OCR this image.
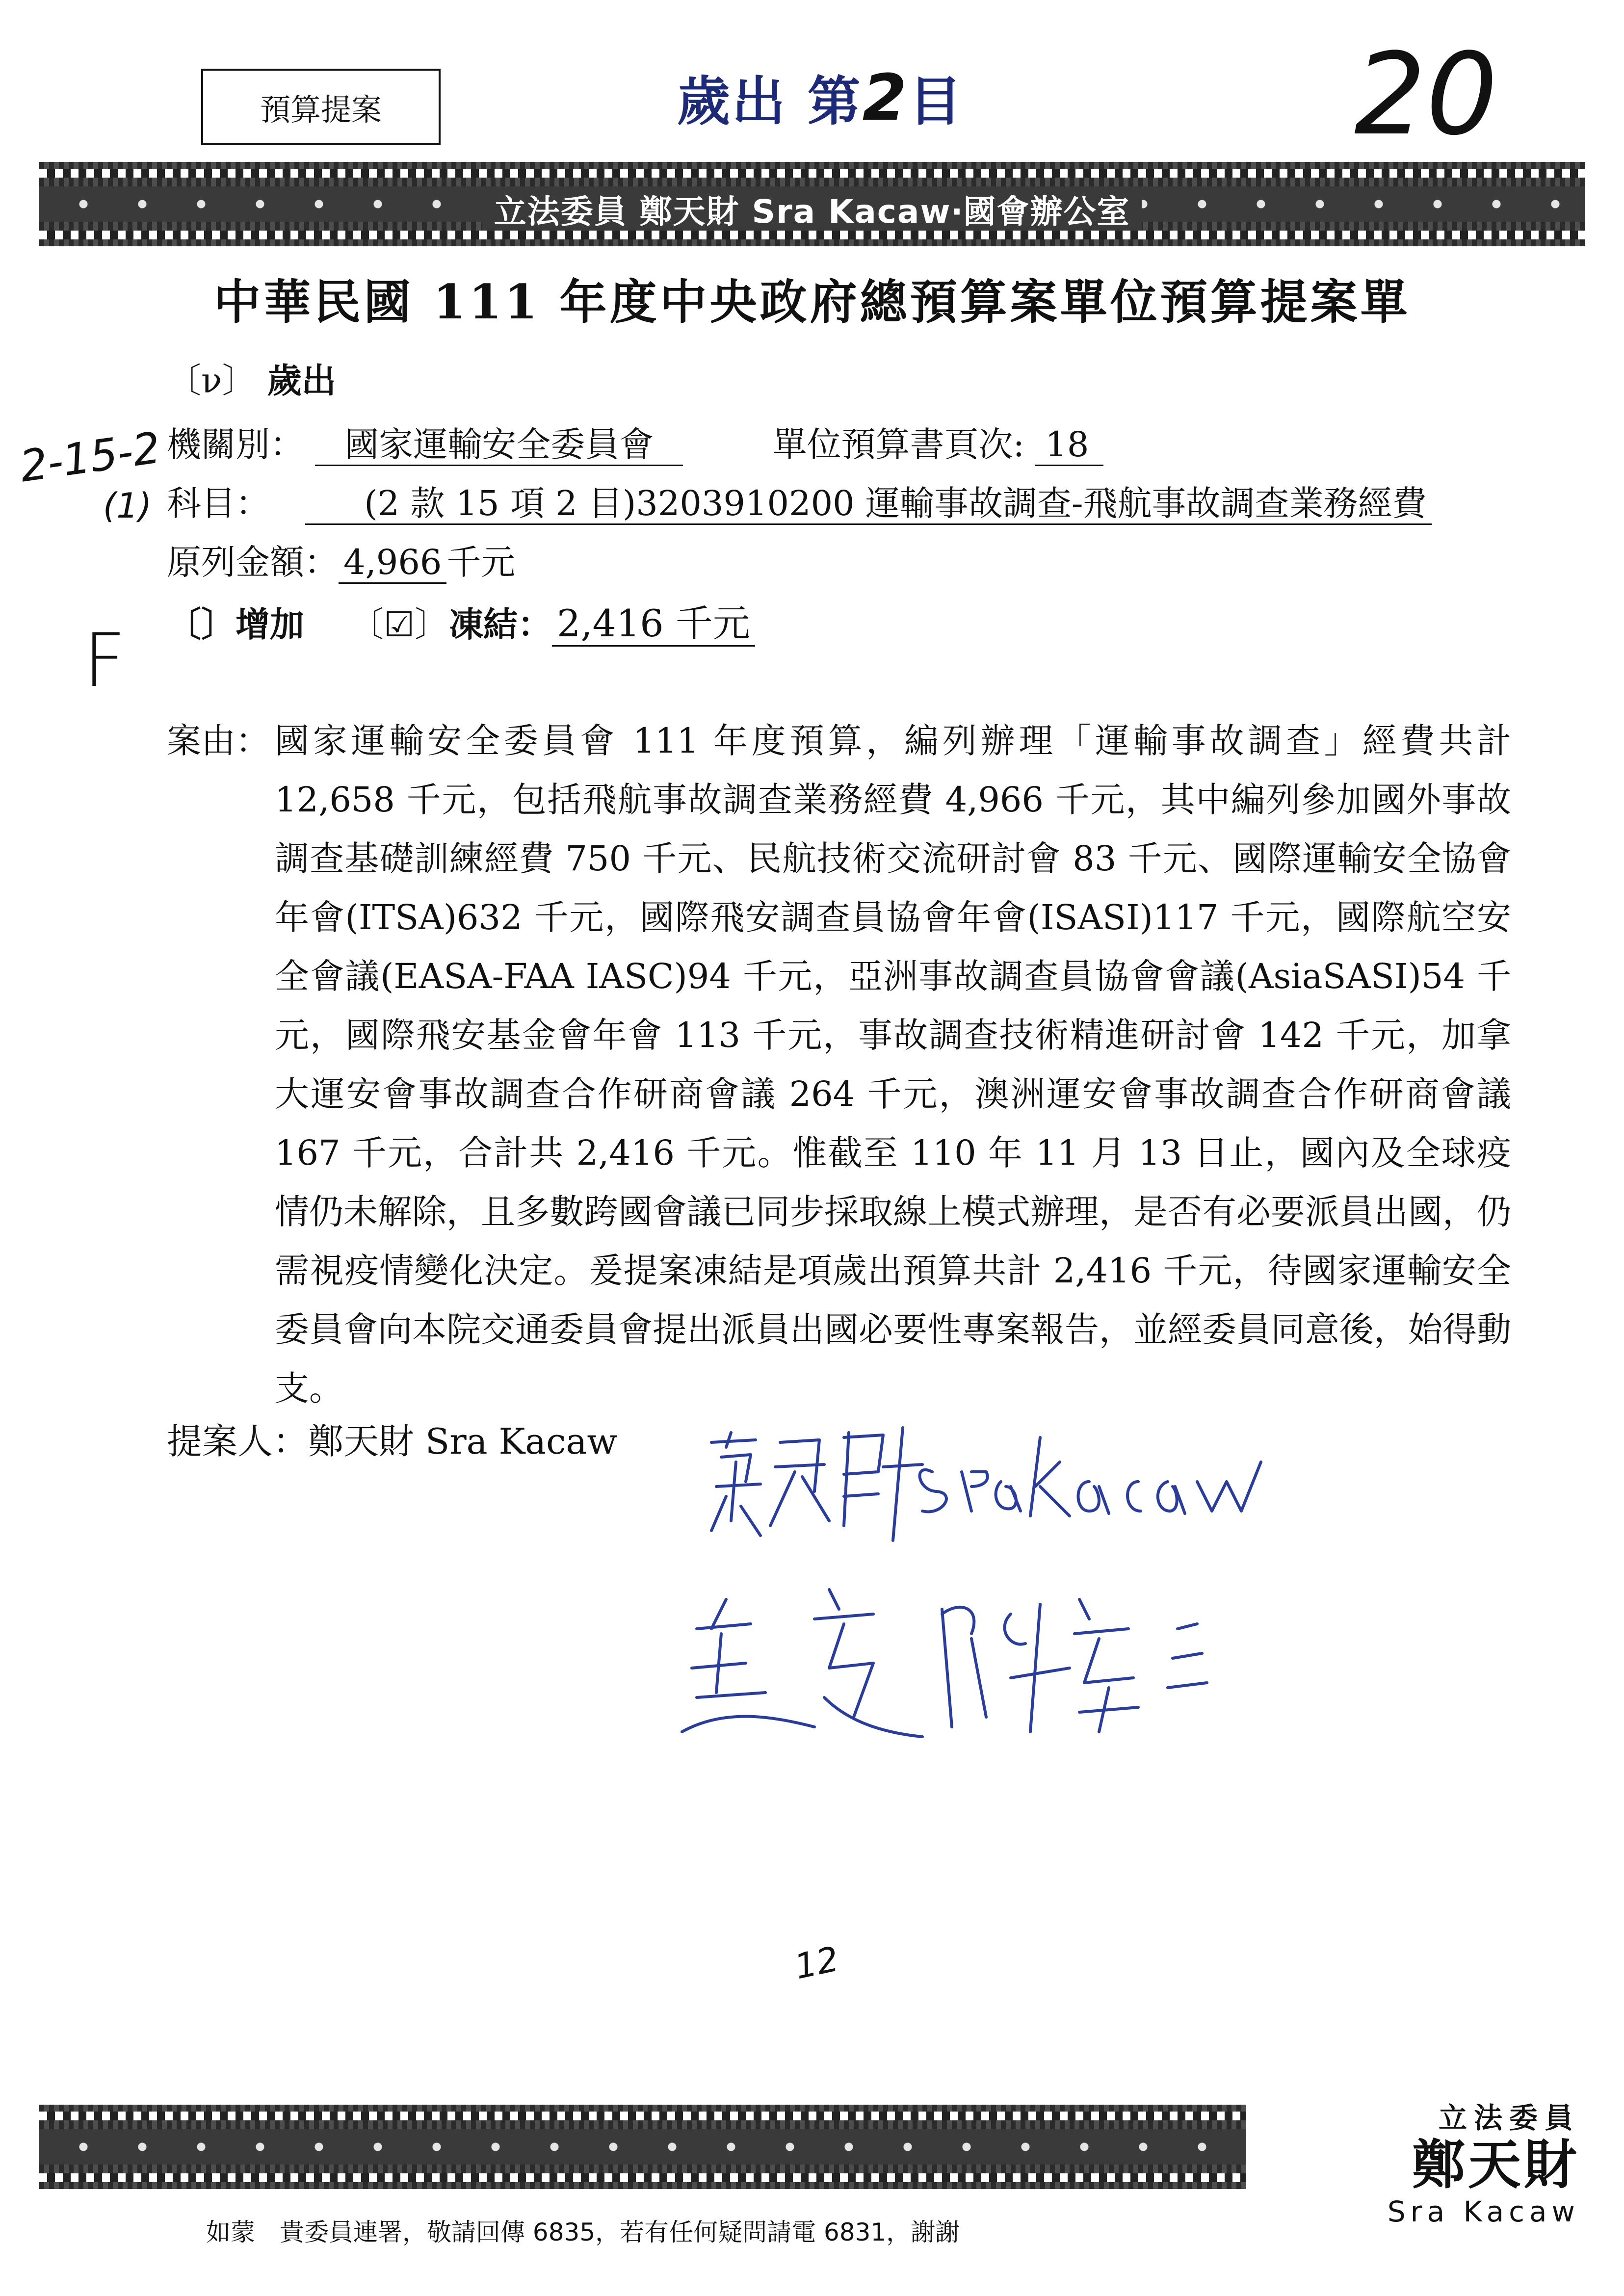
預算提案	歲出 第2目	20
立法委員 鄭天財 Sra Kacaw‧國會辦公室
中華民國 111 年度中央政府總預算案單位預算提案單
〔ν〕 歲出
2-15-2
(1)
F
機關別： 國家運輸安全委員會	單位預算書頁次: 18
科目：	(2 款 15 項 2 目)3203910200 運輸事故調查-飛航事故調查業務經費
原列金額： 4,966 千元
〔〕增加 〔☑〕凍結： 2,416 千元
案由： 國家運輸安全委員會 111 年度預算，編列辦理「運輸事故調查」經費共計 12,658 千元，包括飛航事故調查業務經費 4,966 千元，其中編列參加國外事故調查基礎訓練經費 750 千元、民航技術交流研討會 83 千元、國際運輸安全協會年會(ITSA)632 千元，國際飛安調查員協會年會(ISASI)117 千元，國際航空安全會議(EASA-FAA IASC)94 千元，亞洲事故調查員協會會議(AsiaSASI)54 千元，國際飛安基金會年會 113 千元，事故調查技術精進研討會 142 千元，加拿大運安會事故調查合作研商會議 264 千元，澳洲運安會事故調查合作研商會議 167 千元，合計共 2,416 千元。惟截至 110 年 11 月 13 日止，國內及全球疫情仍未解除，且多數跨國會議已同步採取線上模式辦理，是否有必要派員出國，仍需視疫情變化決定。爰提案凍結是項歲出預算共計 2,416 千元，待國家運輸安全委員會向本院交通委員會提出派員出國必要性專案報告，並經委員同意後，始得動支。
提案人：鄭天財 Sra Kacaw
12
立法委員
鄭天財
Sra Kacaw
如蒙　貴委員連署，敬請回傳 6835，若有任何疑問請電 6831，謝謝
